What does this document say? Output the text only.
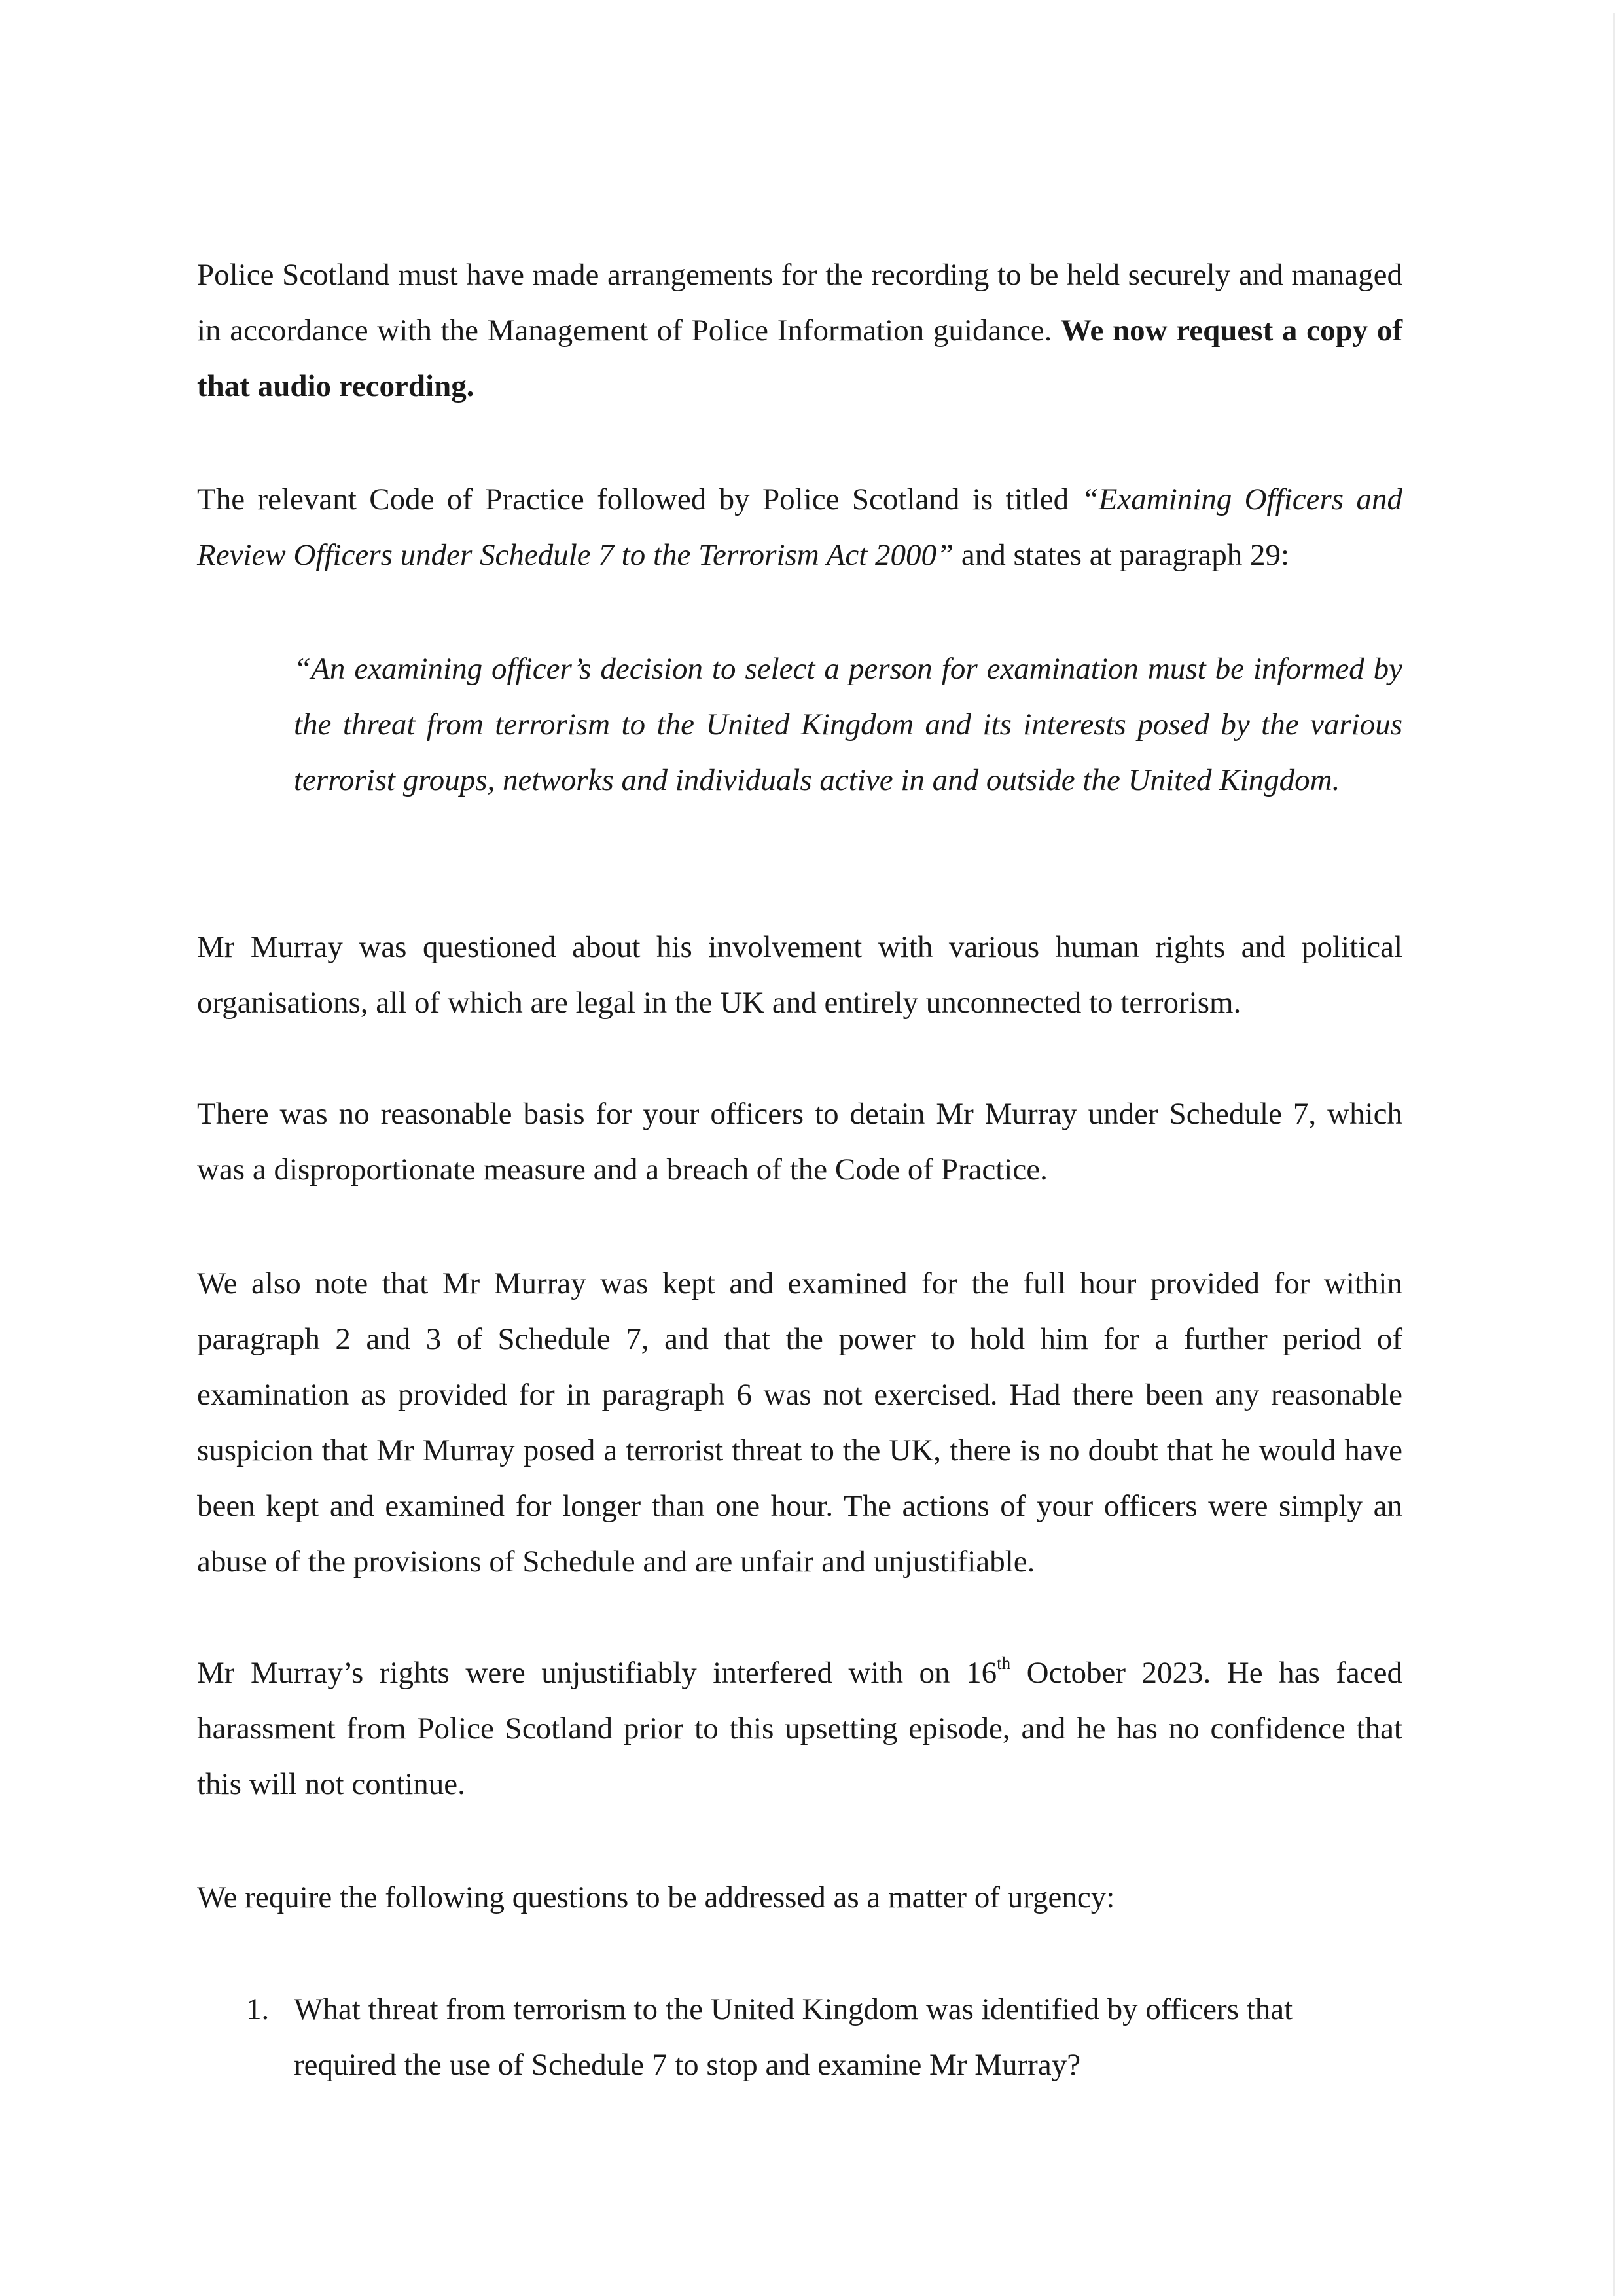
Police Scotland must have made arrangements for the recording to be held securely and managed in accordance with the Management of Police Information guidance. We now request a copy of that audio recording.

The relevant Code of Practice followed by Police Scotland is titled “Examining Officers and Review Officers under Schedule 7 to the Terrorism Act 2000” and states at paragraph 29:

“An examining officer’s decision to select a person for examination must be informed by the threat from terrorism to the United Kingdom and its interests posed by the various terrorist groups, networks and individuals active in and outside the United Kingdom.

Mr Murray was questioned about his involvement with various human rights and political organisations, all of which are legal in the UK and entirely unconnected to terrorism.

There was no reasonable basis for your officers to detain Mr Murray under Schedule 7, which was a disproportionate measure and a breach of the Code of Practice.

We also note that Mr Murray was kept and examined for the full hour provided for within paragraph 2 and 3 of Schedule 7, and that the power to hold him for a further period of examination as provided for in paragraph 6 was not exercised. Had there been any reasonable suspicion that Mr Murray posed a terrorist threat to the UK, there is no doubt that he would have been kept and examined for longer than one hour. The actions of your officers were simply an abuse of the provisions of Schedule and are unfair and unjustifiable.

Mr Murray’s rights were unjustifiably interfered with on 16th October 2023. He has faced harassment from Police Scotland prior to this upsetting episode, and he has no confidence that this will not continue.

We require the following questions to be addressed as a matter of urgency:

1. What threat from terrorism to the United Kingdom was identified by officers that required the use of Schedule 7 to stop and examine Mr Murray?
